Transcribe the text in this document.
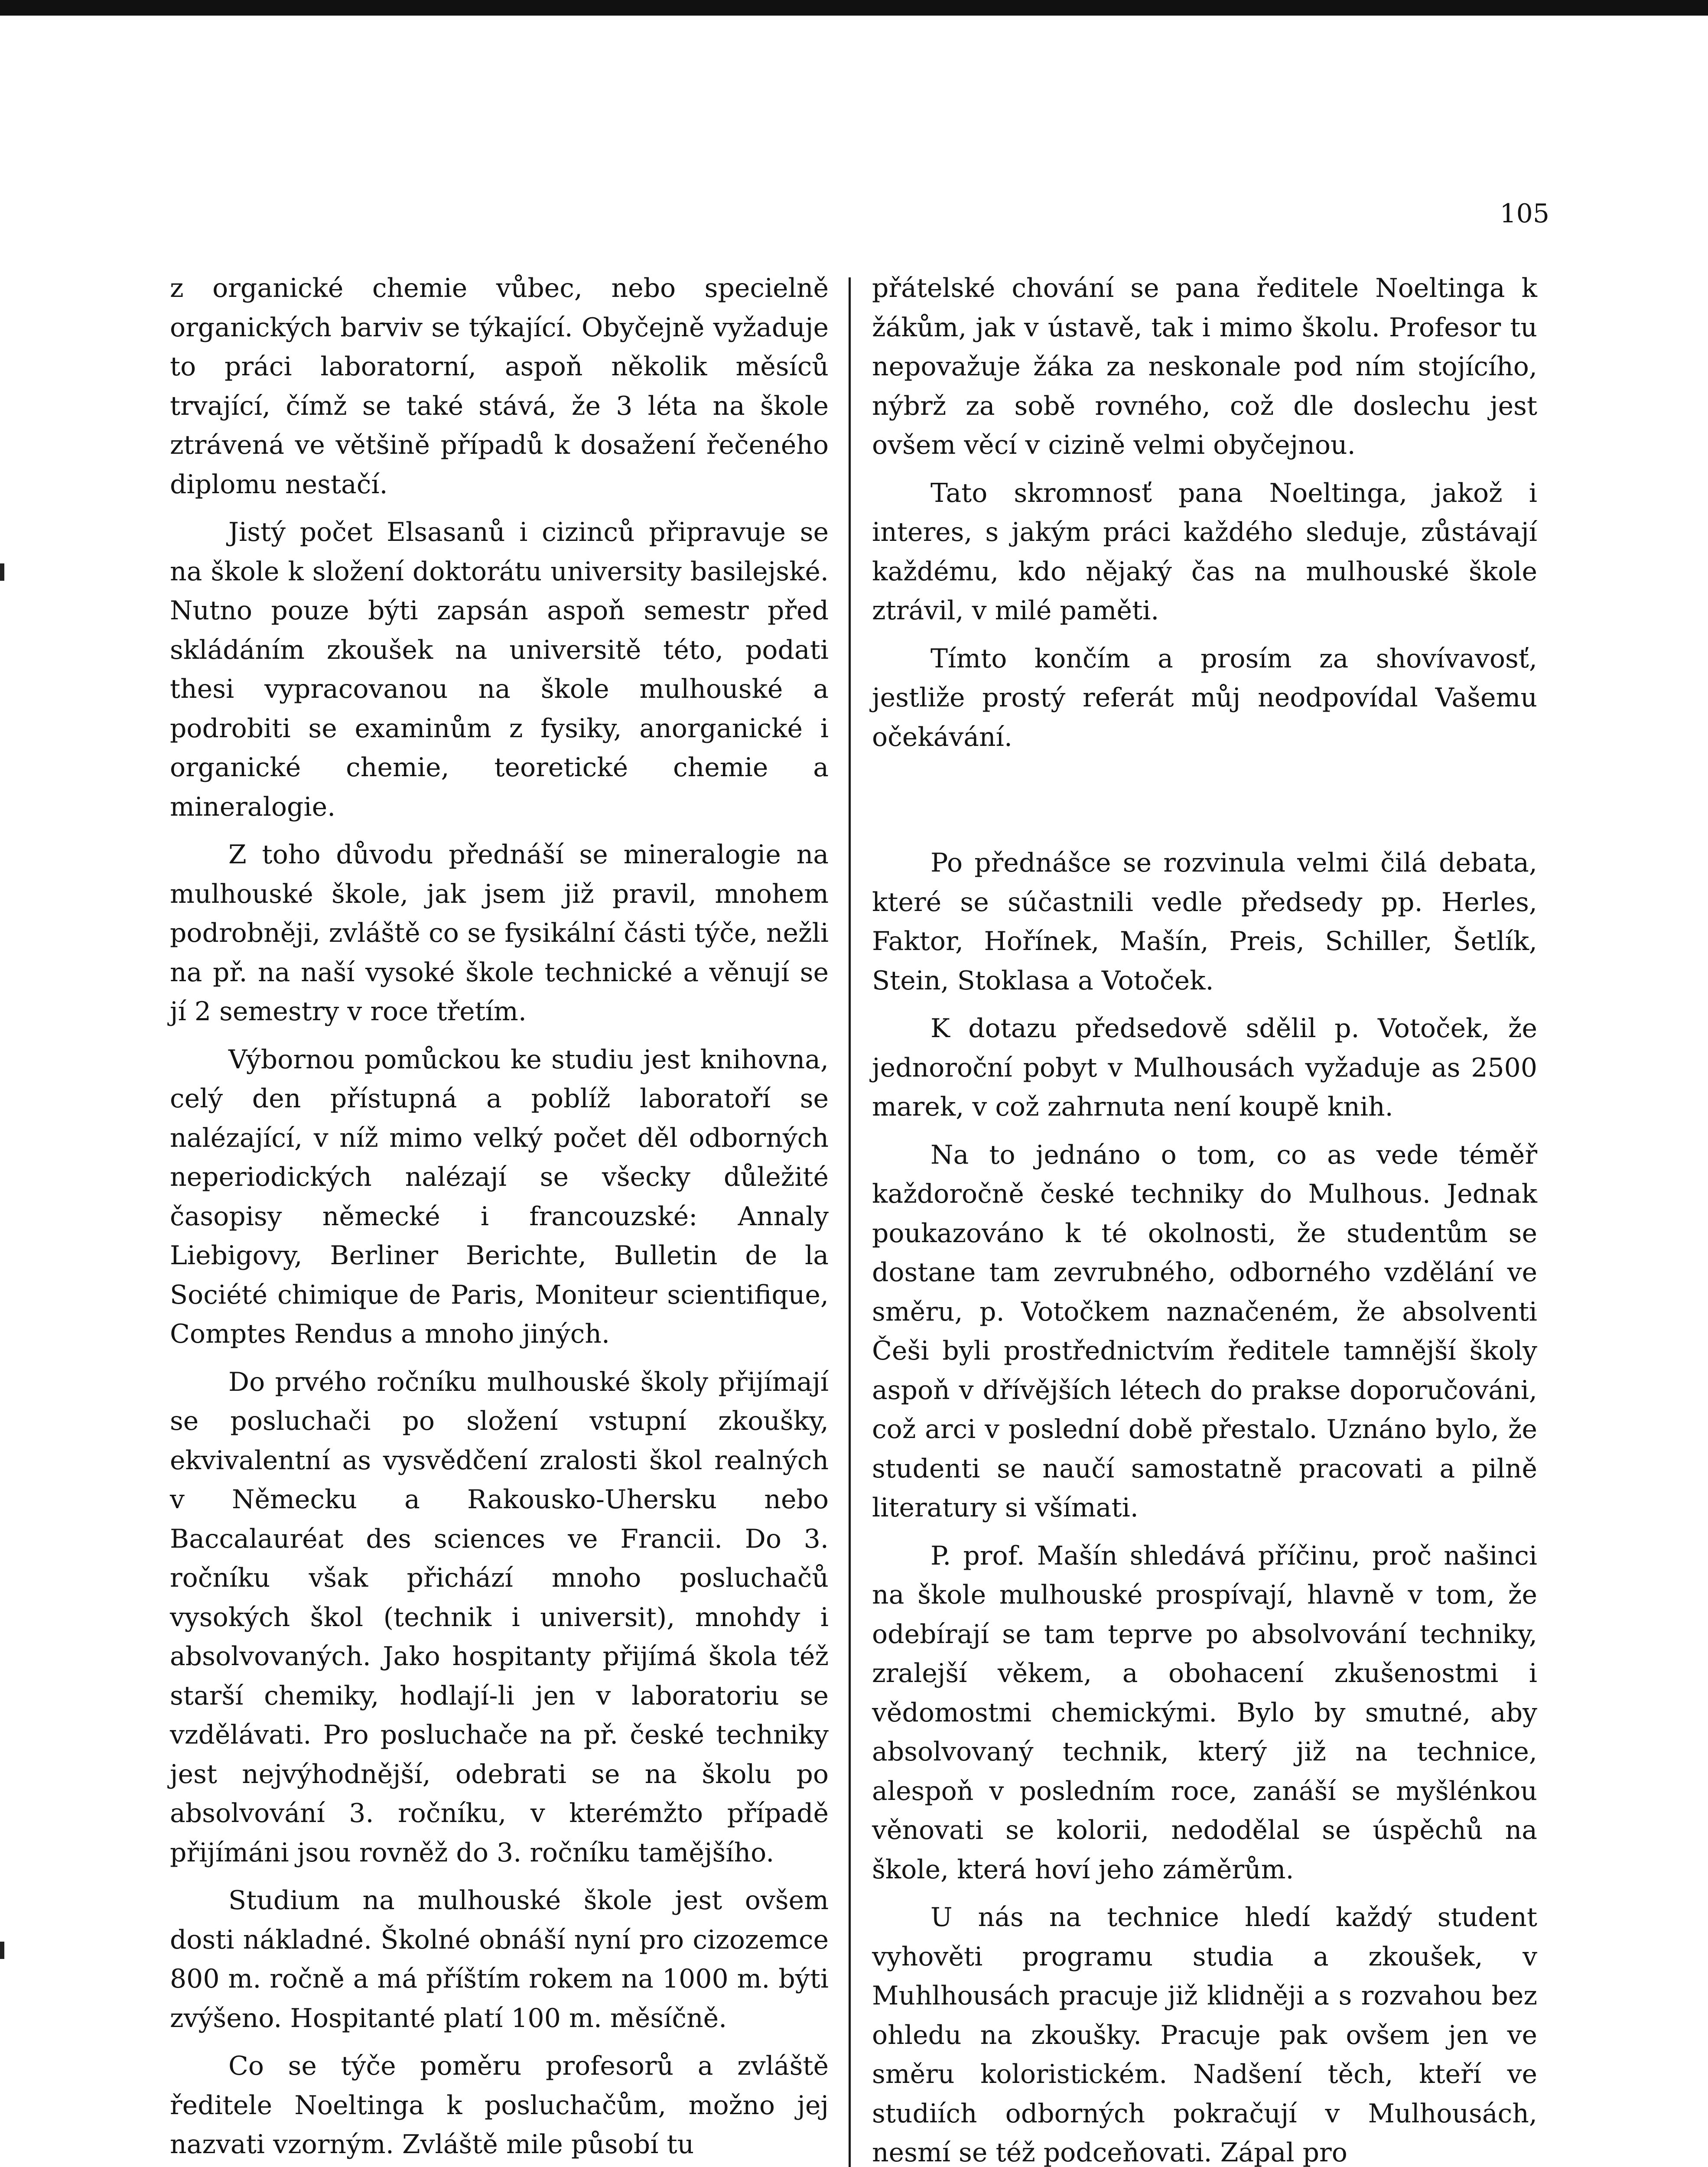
105

z organické chemie vůbec, nebo specielně organických barviv se týkající. Obyčejně vyžaduje to práci laboratorní, aspoň několik měsíců trvající, čímž se také stává, že 3 léta na škole ztrávená ve většině případů k dosažení řečeného diplomu nestačí.

Jistý počet Elsasanů i cizinců připravuje se na škole k složení doktorátu university basilejské. Nutno pouze býti zapsán aspoň semestr před skládáním zkoušek na universitě této, podati thesi vypracovanou na škole mulhouské a podrobiti se examinům z fysiky, anorganické i organické chemie, teoretické chemie a mineralogie.

Z toho důvodu přednáší se mineralogie na mulhouské škole, jak jsem již pravil, mnohem podrobněji, zvláště co se fysikální části týče, nežli na př. na naší vysoké škole technické a věnují se jí 2 semestry v roce třetím.

Výbornou pomůckou ke studiu jest knihovna, celý den přístupná a poblíž laboratoří se nalézající, v níž mimo velký počet děl odborných neperiodických nalézají se všecky důležité časopisy německé i francouzské: Annaly Liebigovy, Berliner Berichte, Bulletin de la Société chimique de Paris, Moniteur scientifique, Comptes Rendus a mnoho jiných.

Do prvého ročníku mulhouské školy přijímají se posluchači po složení vstupní zkoušky, ekvivalentní as vysvědčení zralosti škol realných v Německu a Rakousko-Uhersku nebo Baccalauréat des sciences ve Francii. Do 3. ročníku však přichází mnoho posluchačů vysokých škol (technik i universit), mnohdy i absolvovaných. Jako hospitanty přijímá škola též starší chemiky, hodlají-li jen v laboratoriu se vzdělávati. Pro posluchače na př. české techniky jest nejvýhodnější, odebrati se na školu po absolvování 3. ročníku, v kterémžto případě přijímáni jsou rovněž do 3. ročníku tamějšího.

Studium na mulhouské škole jest ovšem dosti nákladné. Školné obnáší nyní pro cizozemce 800 m. ročně a má příštím rokem na 1000 m. býti zvýšeno. Hospitanté platí 100 m. měsíčně.

Co se týče poměru profesorů a zvláště ředitele Noeltinga k posluchačům, možno jej nazvati vzorným. Zvláště mile působí tu

přátelské chování se pana ředitele Noeltinga k žákům, jak v ústavě, tak i mimo školu. Profesor tu nepovažuje žáka za neskonale pod ním stojícího, nýbrž za sobě rovného, což dle doslechu jest ovšem věcí v cizině velmi obyčejnou.

Tato skromnosť pana Noeltinga, jakož i interes, s jakým práci každého sleduje, zůstávají každému, kdo nějaký čas na mulhouské škole ztrávil, v milé paměti.

Tímto končím a prosím za shovívavosť, jestliže prostý referát můj neodpovídal Vašemu očekávání.

Po přednášce se rozvinula velmi čilá debata, které se súčastnili vedle předsedy pp. Herles, Faktor, Hořínek, Mašín, Preis, Schiller, Šetlík, Stein, Stoklasa a Votoček.

K dotazu předsedově sdělil p. Votoček, že jednoroční pobyt v Mulhousách vyžaduje as 2500 marek, v což zahrnuta není koupě knih.

Na to jednáno o tom, co as vede téměř každoročně české techniky do Mulhous. Jednak poukazováno k té okolnosti, že studentům se dostane tam zevrubného, odborného vzdělání ve směru, p. Votočkem naznačeném, že absolventi Češi byli prostřednictvím ředitele tamnější školy aspoň v dřívějších létech do prakse doporučováni, což arci v poslední době přestalo. Uznáno bylo, že studenti se naučí samostatně pracovati a pilně literatury si všímati.

P. prof. Mašín shledává příčinu, proč našinci na škole mulhouské prospívají, hlavně v tom, že odebírají se tam teprve po absolvování techniky, zralejší věkem, a obohacení zkušenostmi i vědomostmi chemickými. Bylo by smutné, aby absolvovaný technik, který již na technice, alespoň v posledním roce, zanáší se myšlénkou věnovati se kolorii, nedodělal se úspěchů na škole, která hoví jeho záměrům.

U nás na technice hledí každý student vyhověti programu studia a zkoušek, v Muhlhousách pracuje již klidněji a s rozvahou bez ohledu na zkoušky. Pracuje pak ovšem jen ve směru koloristickém. Nadšení těch, kteří ve studiích odborných pokračují v Mulhousách, nesmí se též podceňovati. Zápal pro
